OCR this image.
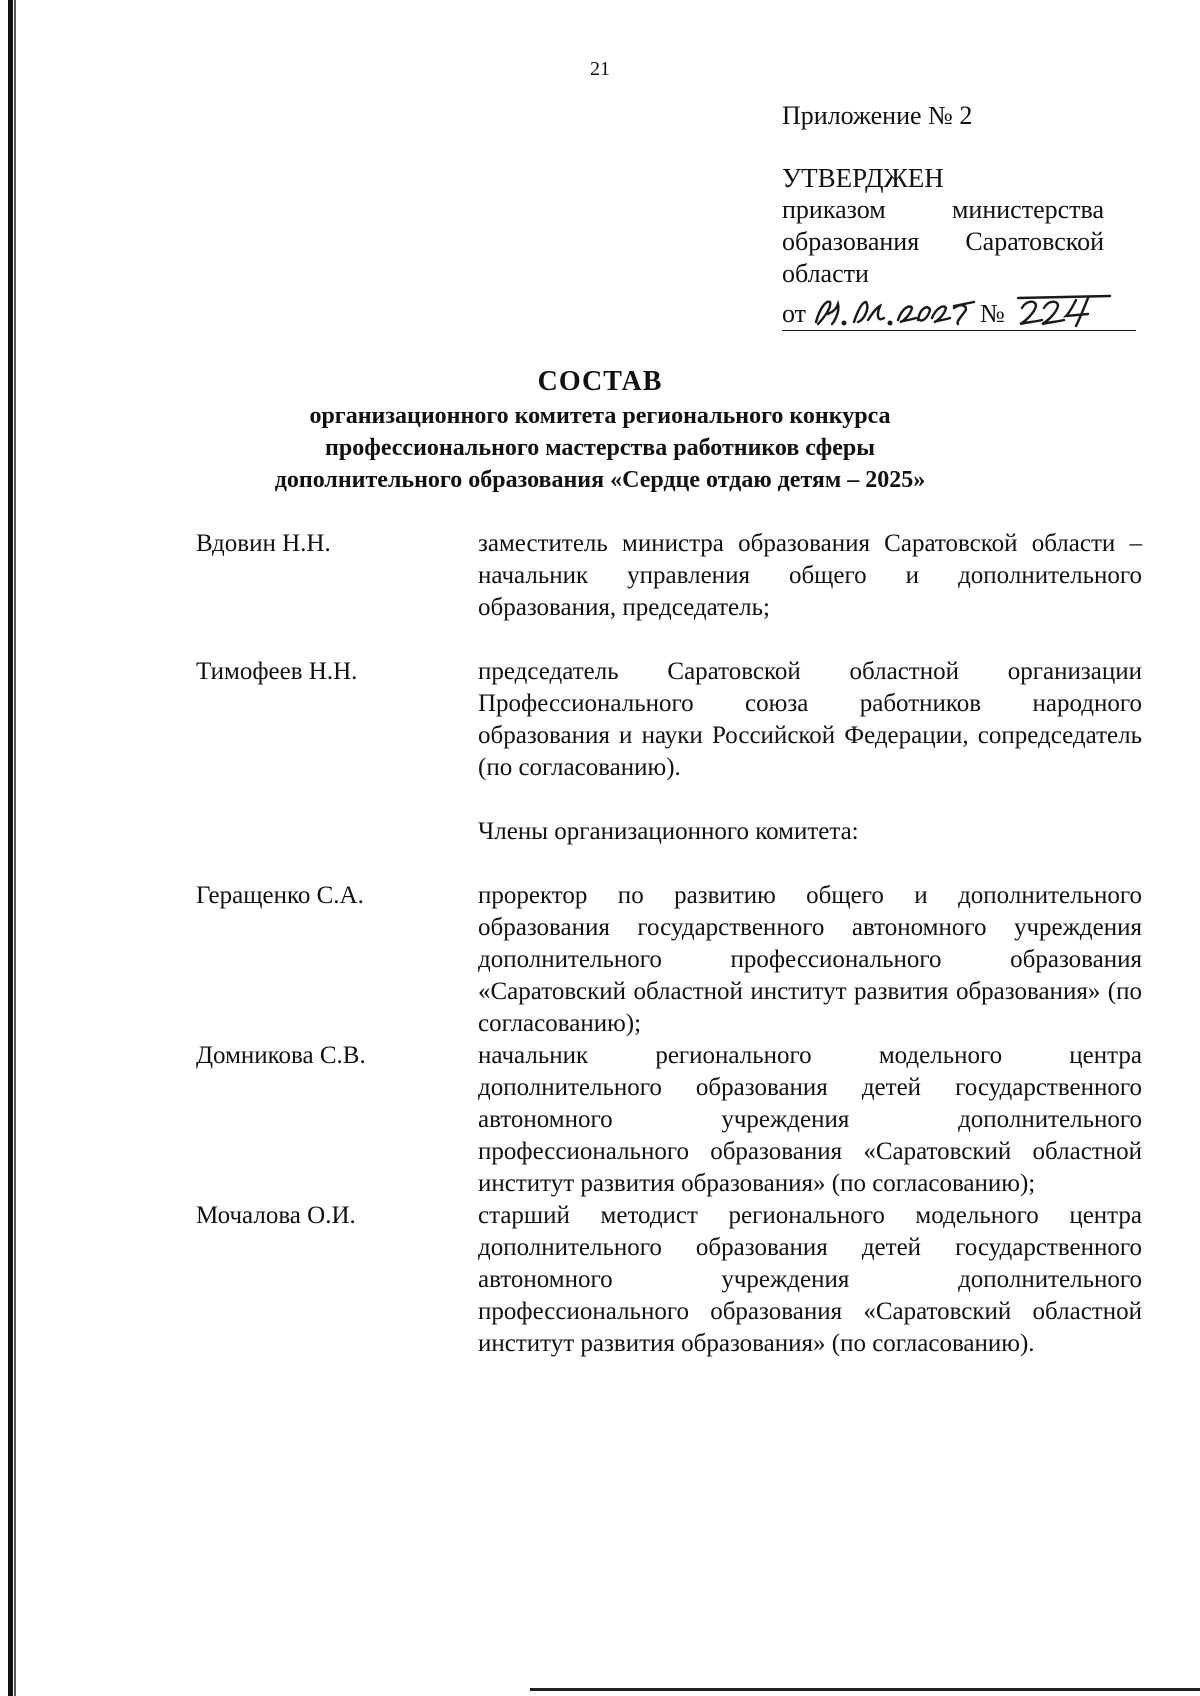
21
Приложение № 2
УТВЕРДЖЕН
приказом министерства
образования Саратовской
области
от	№
СОСТАВ
организационного комитета регионального конкурса
профессионального мастерства работников сферы
дополнительного образования «Сердце отдаю детям – 2025»
Вдовин Н.Н.	заместитель министра образования Саратовской области – начальник управления общего и дополнительного образования, председатель;
Тимофеев Н.Н.	председатель Саратовской областной организации Профессионального союза работников народного образования и науки Российской Федерации, сопредседатель (по согласованию).
Члены организационного комитета:
Геращенко С.А.	проректор по развитию общего и дополнительного образования государственного автономного учреждения дополнительного профессионального образования «Саратовский областной институт развития образования» (по согласованию);
Домникова С.В.	начальник регионального модельного центра дополнительного образования детей государственного автономного учреждения дополнительного профессионального образования «Саратовский областной институт развития образования» (по согласованию);
Мочалова О.И.	старший методист регионального модельного центра дополнительного образования детей государственного автономного учреждения дополнительного профессионального образования «Саратовский областной институт развития образования» (по согласованию).
